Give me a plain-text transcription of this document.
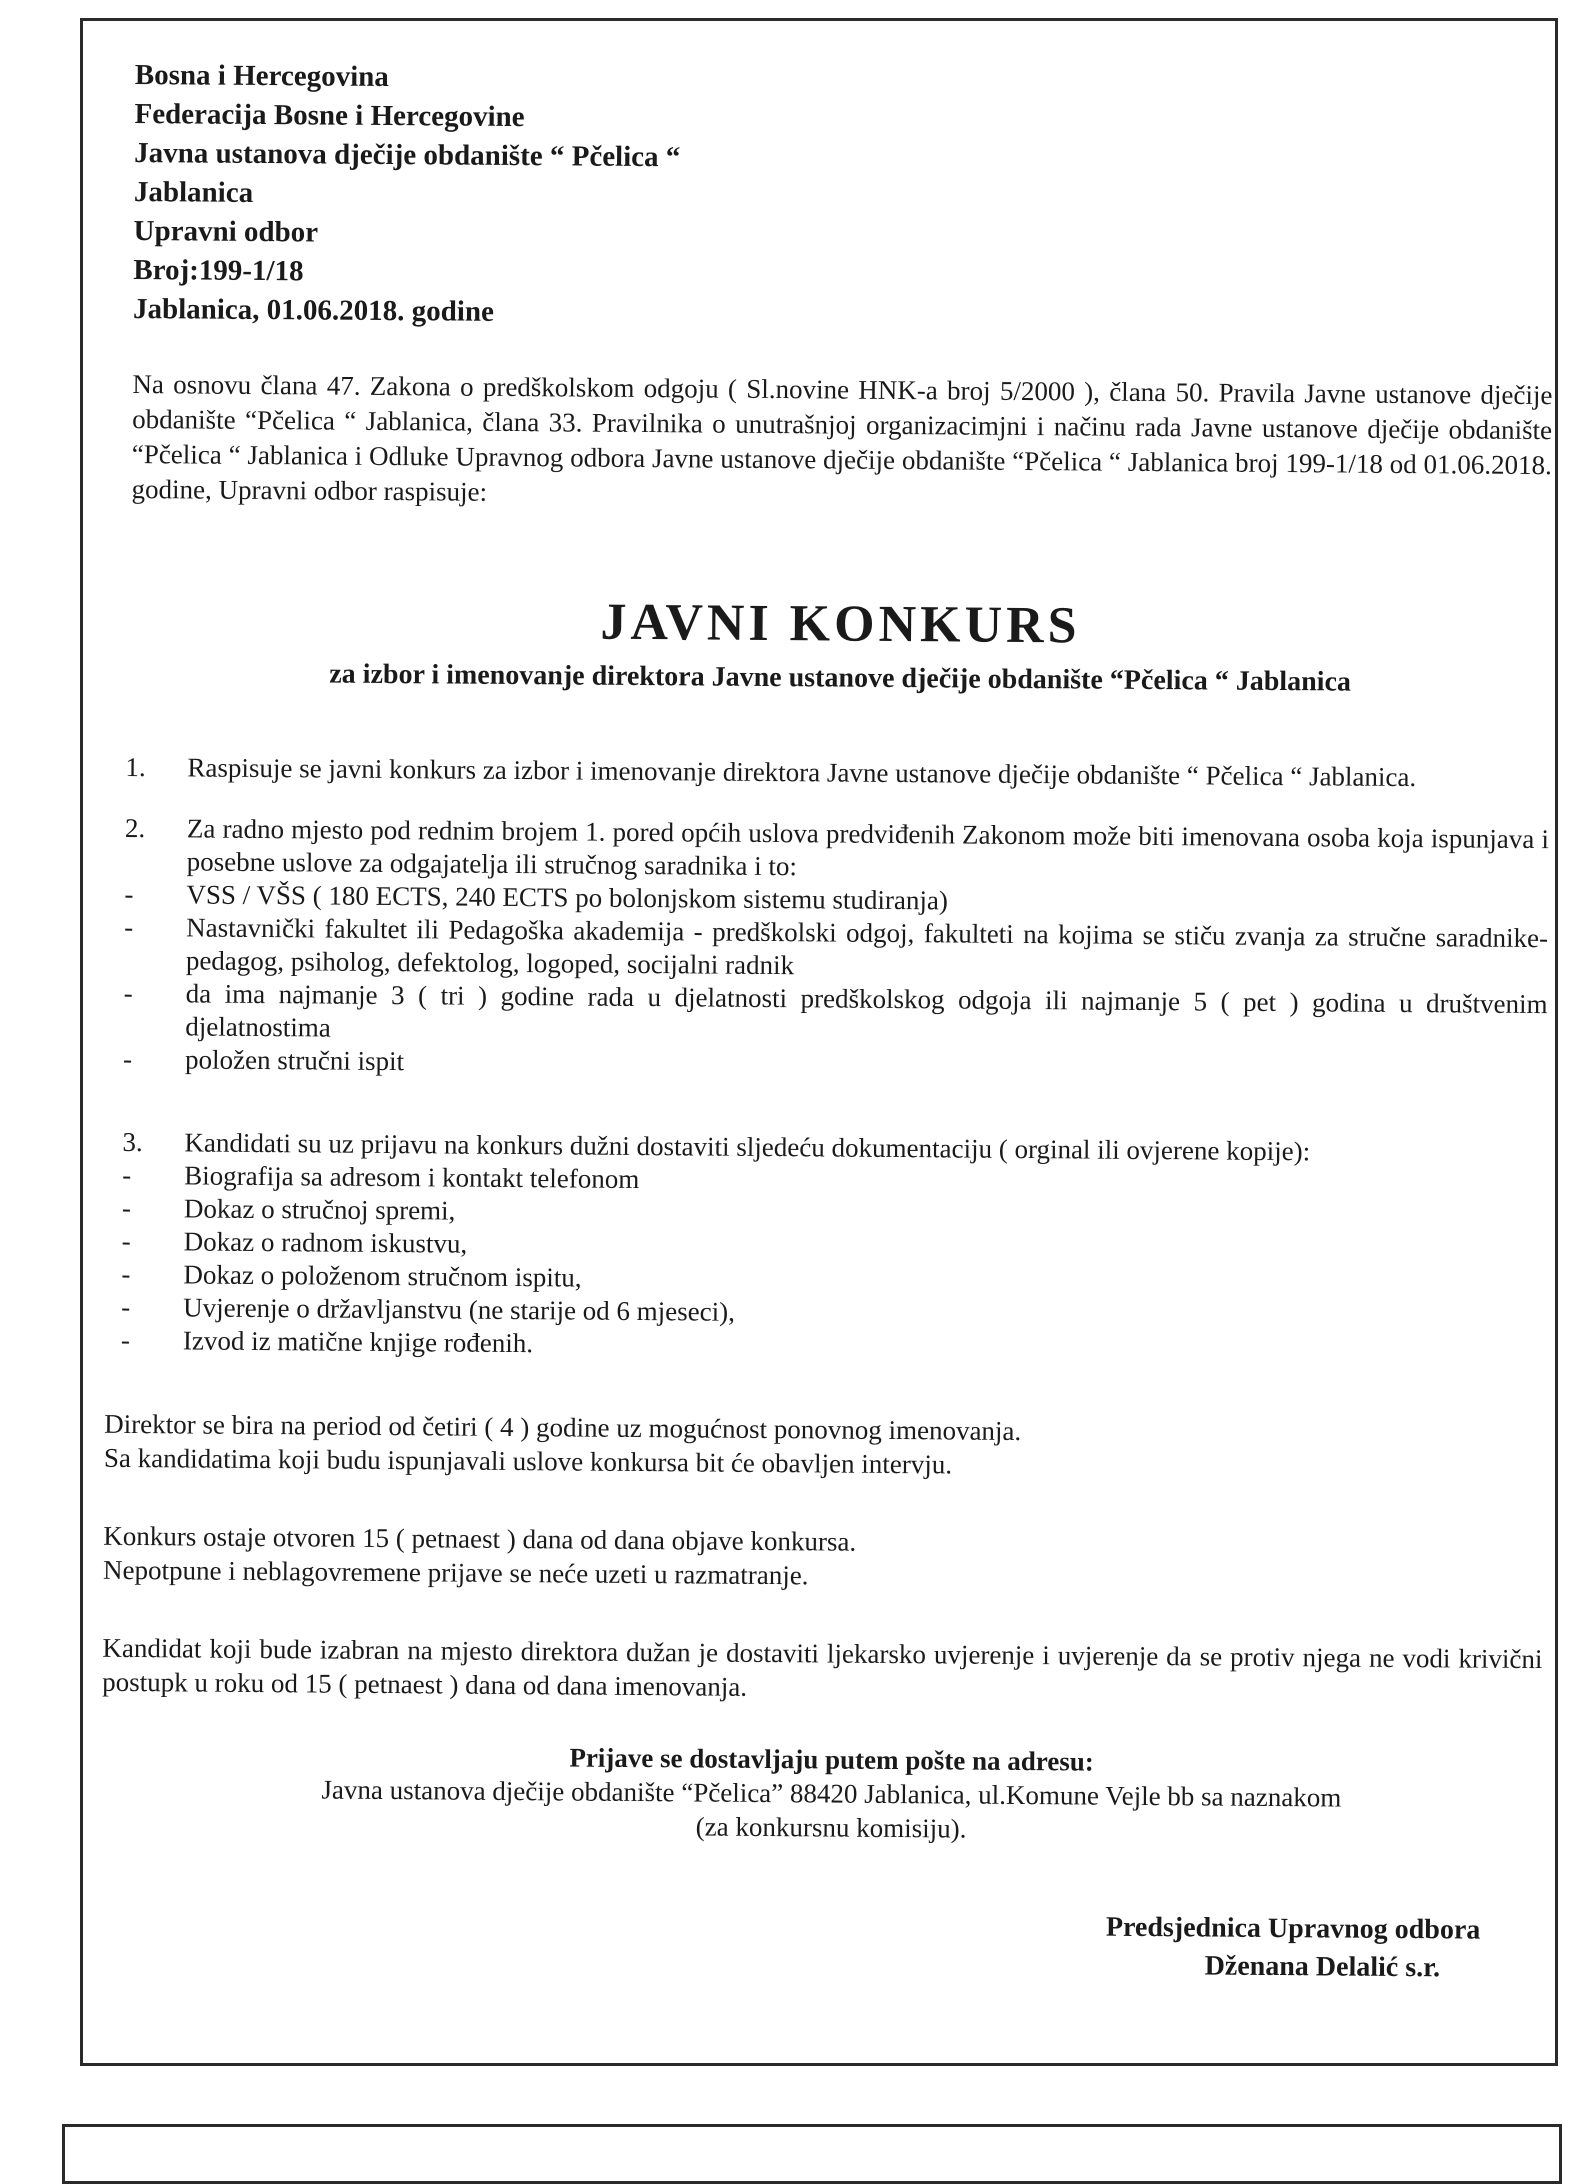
Bosna i Hercegovina
Federacija Bosne i Hercegovine
Javna ustanova dječije obdanište “ Pčelica “
Jablanica
Upravni odbor
Broj:199-1/18
Jablanica, 01.06.2018. godine
Na osnovu člana 47. Zakona o predškolskom odgoju ( Sl.novine HNK-a broj 5/2000 ), člana 50. Pravila Javne ustanove dječije obdanište “Pčelica “ Jablanica, člana 33. Pravilnika o unutrašnjoj organizacimjni i načinu rada Javne ustanove dječije obdanište “Pčelica “ Jablanica i Odluke Upravnog odbora Javne ustanove dječije obdanište “Pčelica “ Jablanica broj 199-1/18 od 01.06.2018. godine, Upravni odbor raspisuje:
JAVNI KONKURS
za izbor i imenovanje direktora Javne ustanove dječije obdanište “Pčelica “ Jablanica
1. Raspisuje se javni konkurs za izbor i imenovanje direktora Javne ustanove dječije obdanište “ Pčelica “ Jablanica.
2. Za radno mjesto pod rednim brojem 1. pored općih uslova predviđenih Zakonom može biti imenovana osoba koja ispunjava i posebne uslove za odgajatelja ili stručnog saradnika i to:
- VSS / VŠS ( 180 ECTS, 240 ECTS po bolonjskom sistemu studiranja)
- Nastavnički fakultet ili Pedagoška akademija - predškolski odgoj, fakulteti na kojima se stiču zvanja za stručne saradnike- pedagog, psiholog, defektolog, logoped, socijalni radnik
- da ima najmanje 3 ( tri ) godine rada u djelatnosti predškolskog odgoja ili najmanje 5 ( pet ) godina u društvenim djelatnostima
- položen stručni ispit
3. Kandidati su uz prijavu na konkurs dužni dostaviti sljedeću dokumentaciju ( orginal ili ovjerene kopije):
- Biografija sa adresom i kontakt telefonom
- Dokaz o stručnoj spremi,
- Dokaz o radnom iskustvu,
- Dokaz o položenom stručnom ispitu,
- Uvjerenje o državljanstvu (ne starije od 6 mjeseci),
- Izvod iz matične knjige rođenih.
Direktor se bira na period od četiri ( 4 ) godine uz mogućnost ponovnog imenovanja.
Sa kandidatima koji budu ispunjavali uslove konkursa bit će obavljen intervju.
Konkurs ostaje otvoren 15 ( petnaest ) dana od dana objave konkursa.
Nepotpune i neblagovremene prijave se neće uzeti u razmatranje.
Kandidat koji bude izabran na mjesto direktora dužan je dostaviti ljekarsko uvjerenje i uvjerenje da se protiv njega ne vodi krivični postupk u roku od 15 ( petnaest ) dana od dana imenovanja.
Prijave se dostavljaju putem pošte na adresu:
Javna ustanova dječije obdanište “Pčelica” 88420 Jablanica, ul.Komune Vejle bb sa naznakom
(za konkursnu komisiju).
Predsjednica Upravnog odbora
Dženana Delalić s.r.
